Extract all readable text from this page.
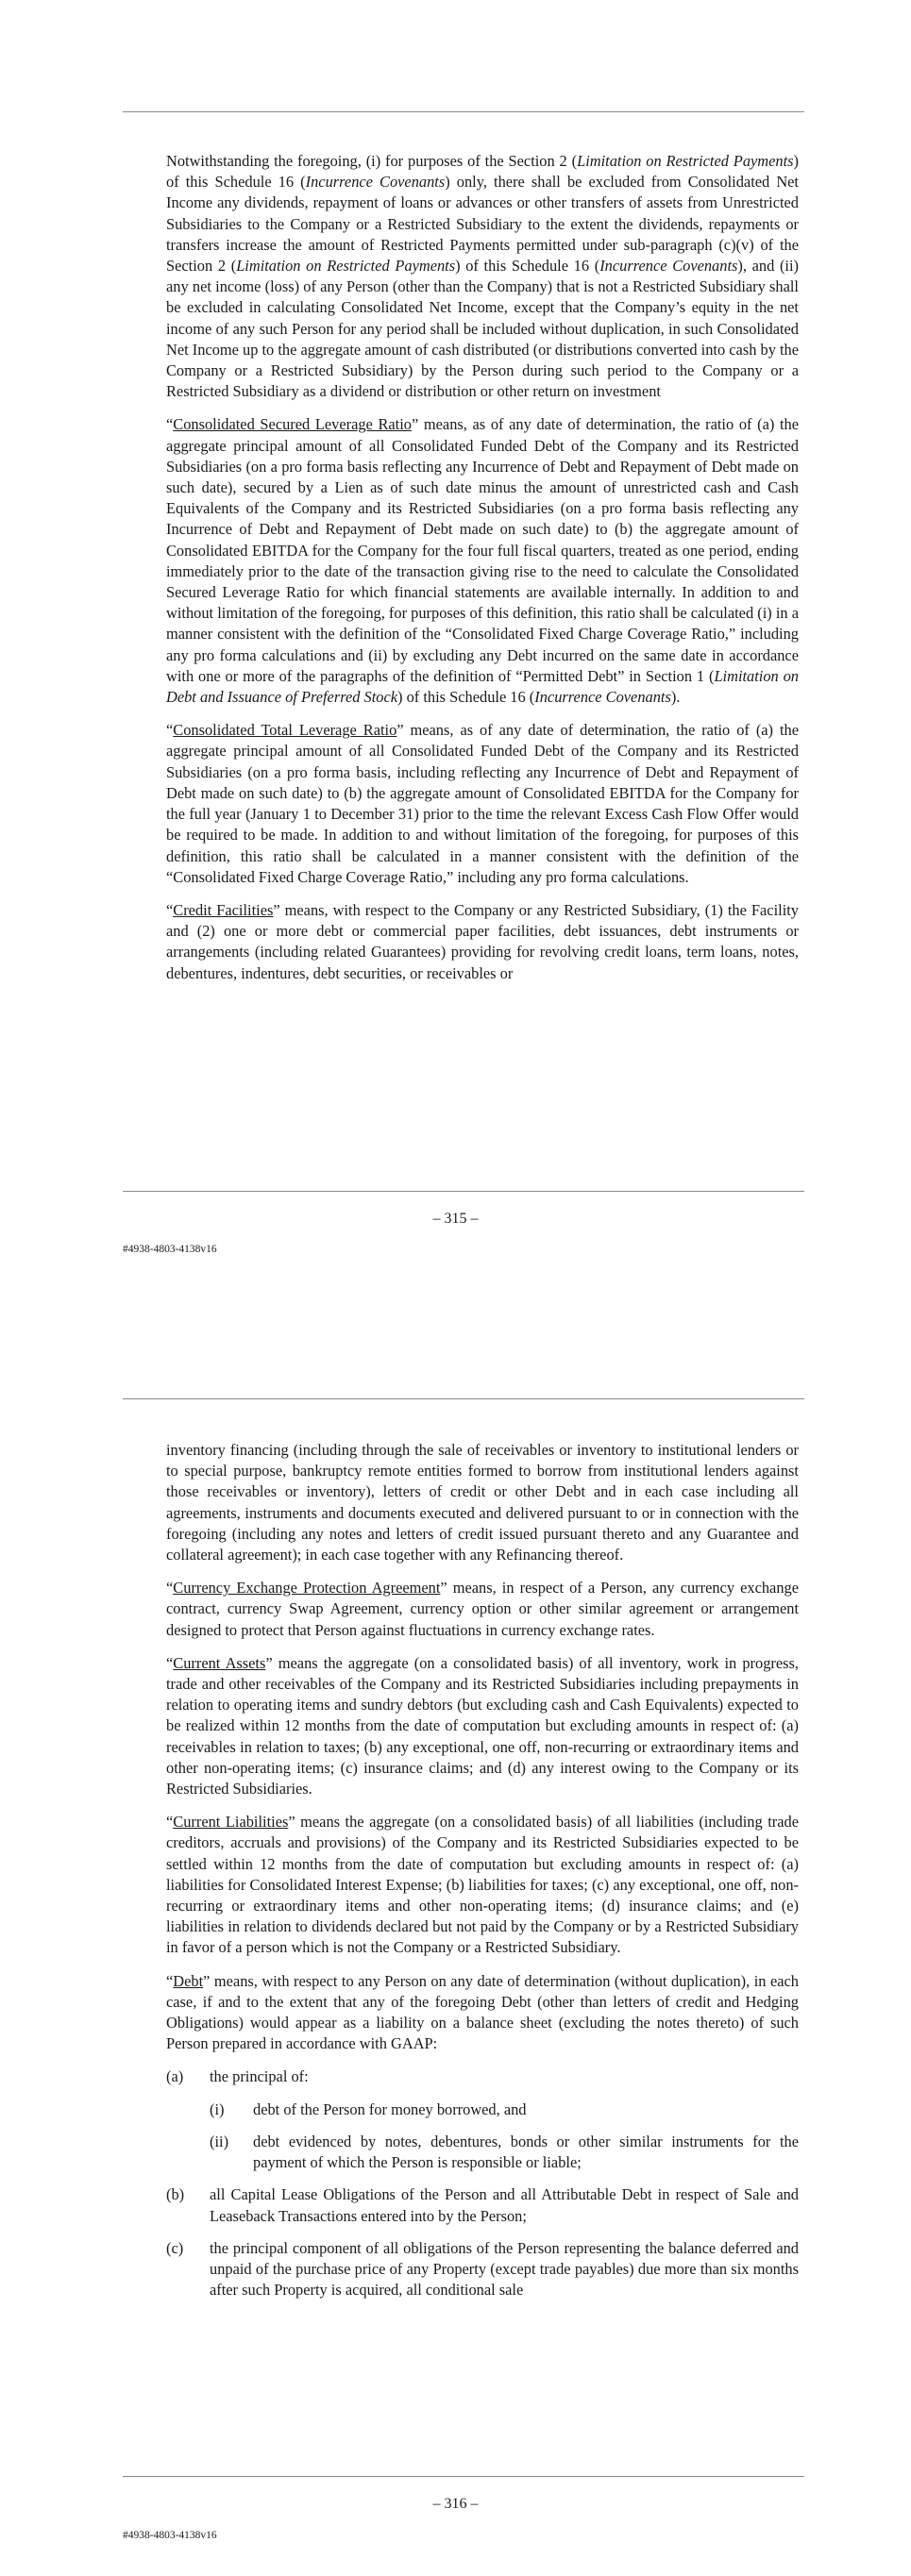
Notwithstanding the foregoing, (i) for purposes of the Section 2 (Limitation on Restricted Payments) of this Schedule 16 (Incurrence Covenants) only, there shall be excluded from Consolidated Net Income any dividends, repayment of loans or advances or other transfers of assets from Unrestricted Subsidiaries to the Company or a Restricted Subsidiary to the extent the dividends, repayments or transfers increase the amount of Restricted Payments permitted under sub-paragraph (c)(v) of the Section 2 (Limitation on Restricted Payments) of this Schedule 16 (Incurrence Covenants), and (ii) any net income (loss) of any Person (other than the Company) that is not a Restricted Subsidiary shall be excluded in calculating Consolidated Net Income, except that the Company’s equity in the net income of any such Person for any period shall be included without duplication, in such Consolidated Net Income up to the aggregate amount of cash distributed (or distributions converted into cash by the Company or a Restricted Subsidiary) by the Person during such period to the Company or a Restricted Subsidiary as a dividend or distribution or other return on investment

“Consolidated Secured Leverage Ratio” means, as of any date of determination, the ratio of (a) the aggregate principal amount of all Consolidated Funded Debt of the Company and its Restricted Subsidiaries (on a pro forma basis reflecting any Incurrence of Debt and Repayment of Debt made on such date), secured by a Lien as of such date minus the amount of unrestricted cash and Cash Equivalents of the Company and its Restricted Subsidiaries (on a pro forma basis reflecting any Incurrence of Debt and Repayment of Debt made on such date) to (b) the aggregate amount of Consolidated EBITDA for the Company for the four full fiscal quarters, treated as one period, ending immediately prior to the date of the transaction giving rise to the need to calculate the Consolidated Secured Leverage Ratio for which financial statements are available internally. In addition to and without limitation of the foregoing, for purposes of this definition, this ratio shall be calculated (i) in a manner consistent with the definition of the “Consolidated Fixed Charge Coverage Ratio,” including any pro forma calculations and (ii) by excluding any Debt incurred on the same date in accordance with one or more of the paragraphs of the definition of “Permitted Debt” in Section 1 (Limitation on Debt and Issuance of Preferred Stock) of this Schedule 16 (Incurrence Covenants).

“Consolidated Total Leverage Ratio” means, as of any date of determination, the ratio of (a) the aggregate principal amount of all Consolidated Funded Debt of the Company and its Restricted Subsidiaries (on a pro forma basis, including reflecting any Incurrence of Debt and Repayment of Debt made on such date) to (b) the aggregate amount of Consolidated EBITDA for the Company for the full year (January 1 to December 31) prior to the time the relevant Excess Cash Flow Offer would be required to be made. In addition to and without limitation of the foregoing, for purposes of this definition, this ratio shall be calculated in a manner consistent with the definition of the “Consolidated Fixed Charge Coverage Ratio,” including any pro forma calculations.

“Credit Facilities” means, with respect to the Company or any Restricted Subsidiary, (1) the Facility and (2) one or more debt or commercial paper facilities, debt issuances, debt instruments or arrangements (including related Guarantees) providing for revolving credit loans, term loans, notes, debentures, indentures, debt securities, or receivables or

– 315 –
#4938-4803-4138v16

inventory financing (including through the sale of receivables or inventory to institutional lenders or to special purpose, bankruptcy remote entities formed to borrow from institutional lenders against those receivables or inventory), letters of credit or other Debt and in each case including all agreements, instruments and documents executed and delivered pursuant to or in connection with the foregoing (including any notes and letters of credit issued pursuant thereto and any Guarantee and collateral agreement); in each case together with any Refinancing thereof.

“Currency Exchange Protection Agreement” means, in respect of a Person, any currency exchange contract, currency Swap Agreement, currency option or other similar agreement or arrangement designed to protect that Person against fluctuations in currency exchange rates.

“Current Assets” means the aggregate (on a consolidated basis) of all inventory, work in progress, trade and other receivables of the Company and its Restricted Subsidiaries including prepayments in relation to operating items and sundry debtors (but excluding cash and Cash Equivalents) expected to be realized within 12 months from the date of computation but excluding amounts in respect of: (a) receivables in relation to taxes; (b) any exceptional, one off, non-recurring or extraordinary items and other non-operating items; (c) insurance claims; and (d) any interest owing to the Company or its Restricted Subsidiaries.

“Current Liabilities” means the aggregate (on a consolidated basis) of all liabilities (including trade creditors, accruals and provisions) of the Company and its Restricted Subsidiaries expected to be settled within 12 months from the date of computation but excluding amounts in respect of: (a) liabilities for Consolidated Interest Expense; (b) liabilities for taxes; (c) any exceptional, one off, non-recurring or extraordinary items and other non-operating items; (d) insurance claims; and (e) liabilities in relation to dividends declared but not paid by the Company or by a Restricted Subsidiary in favor of a person which is not the Company or a Restricted Subsidiary.

“Debt” means, with respect to any Person on any date of determination (without duplication), in each case, if and to the extent that any of the foregoing Debt (other than letters of credit and Hedging Obligations) would appear as a liability on a balance sheet (excluding the notes thereto) of such Person prepared in accordance with GAAP:

(a) the principal of:
(i) debt of the Person for money borrowed, and
(ii) debt evidenced by notes, debentures, bonds or other similar instruments for the payment of which the Person is responsible or liable;
(b) all Capital Lease Obligations of the Person and all Attributable Debt in respect of Sale and Leaseback Transactions entered into by the Person;
(c) the principal component of all obligations of the Person representing the balance deferred and unpaid of the purchase price of any Property (except trade payables) due more than six months after such Property is acquired, all conditional sale
– 316 –
#4938-4803-4138v16
